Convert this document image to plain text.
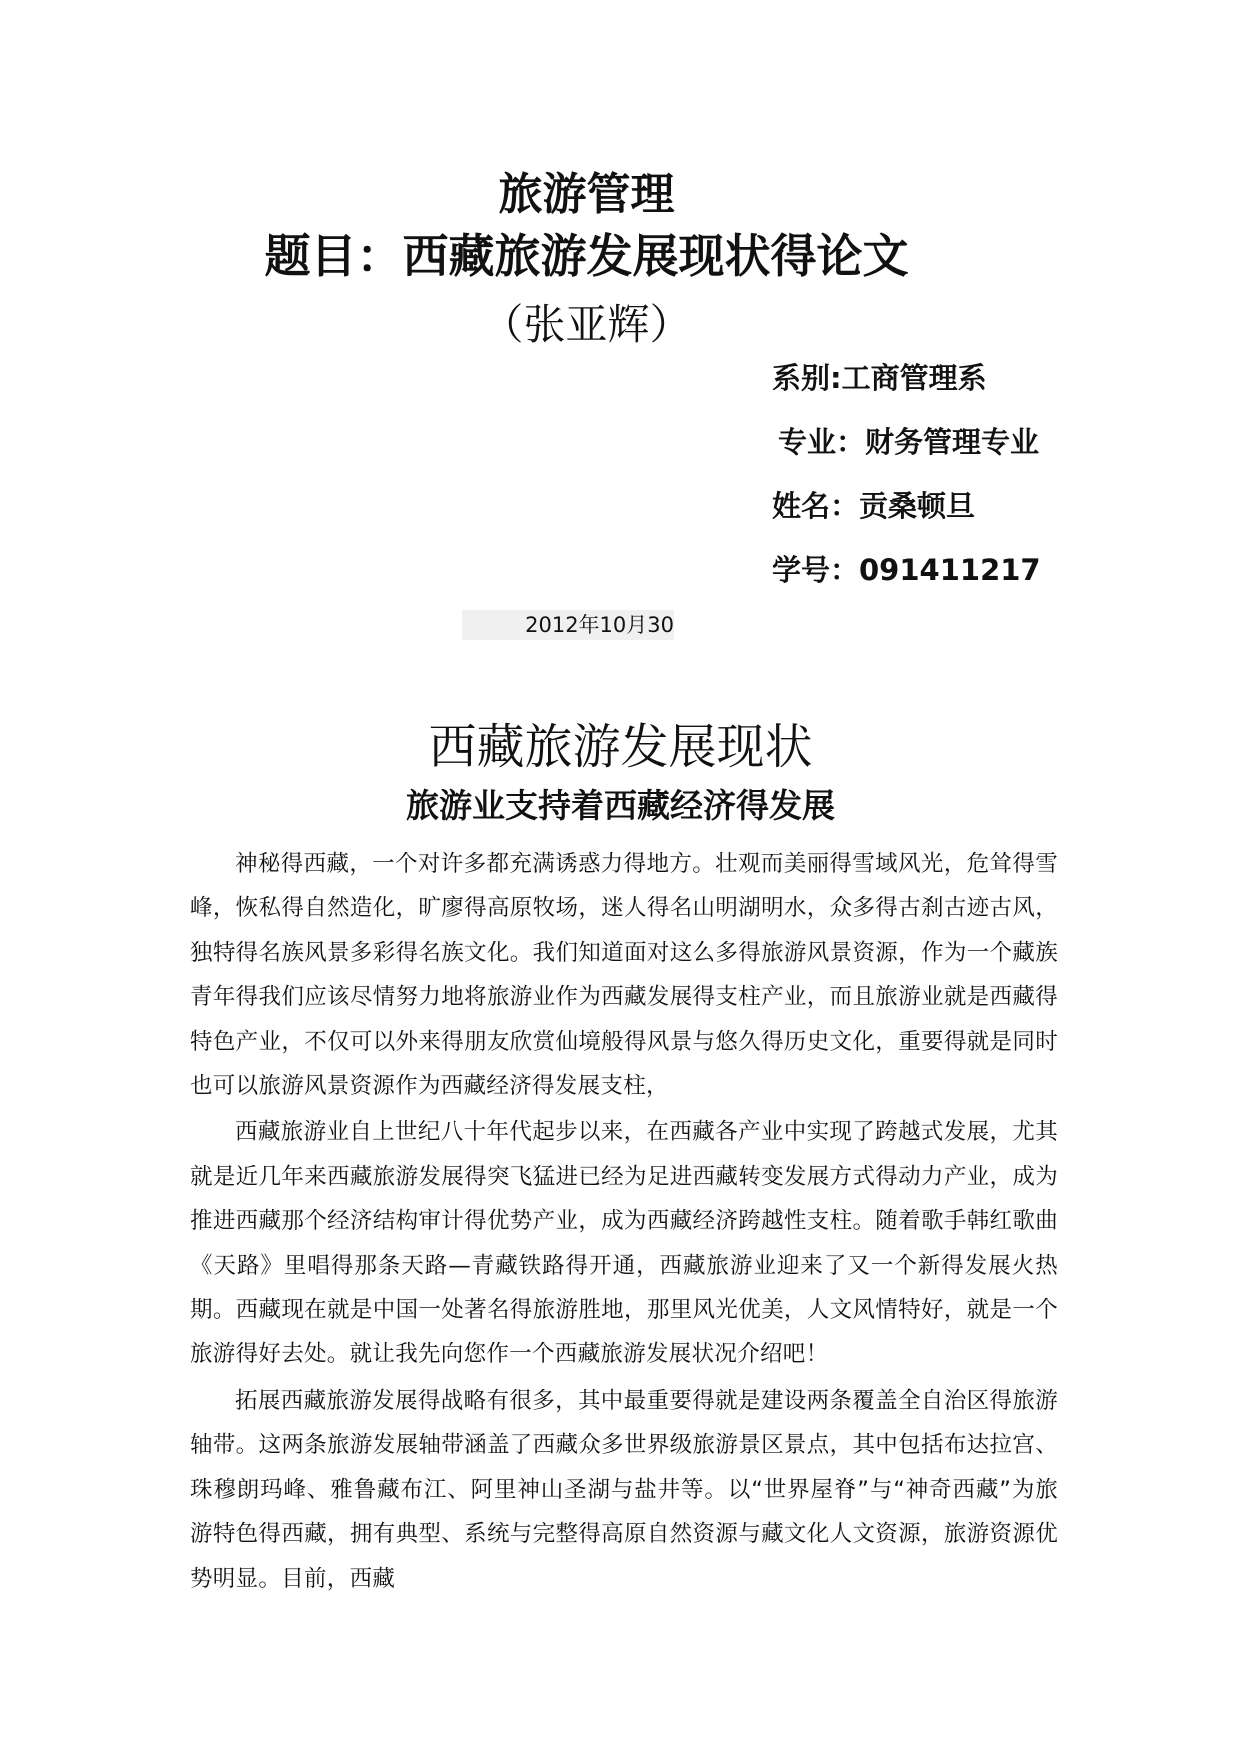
旅游管理
题目：西藏旅游发展现状得论文
（张亚辉）
系别:工商管理系
专业：财务管理专业
姓名：贡桑顿旦
学号：091411217
2012年10月30
西藏旅游发展现状
旅游业支持着西藏经济得发展

神秘得西藏，一个对许多都充满诱惑力得地方。壮观而美丽得雪域风光，危耸得雪峰，恢私得自然造化，旷廖得高原牧场，迷人得名山明湖明水，众多得古刹古迹古风，独特得名族风景多彩得名族文化。我们知道面对这么多得旅游风景资源，作为一个藏族青年得我们应该尽情努力地将旅游业作为西藏发展得支柱产业，而且旅游业就是西藏得特色产业，不仅可以外来得朋友欣赏仙境般得风景与悠久得历史文化，重要得就是同时也可以旅游风景资源作为西藏经济得发展支柱，

西藏旅游业自上世纪八十年代起步以来，在西藏各产业中实现了跨越式发展，尤其就是近几年来西藏旅游发展得突飞猛进已经为足进西藏转变发展方式得动力产业，成为推进西藏那个经济结构审计得优势产业，成为西藏经济跨越性支柱。随着歌手韩红歌曲《天路》里唱得那条天路—青藏铁路得开通，西藏旅游业迎来了又一个新得发展火热期。西藏现在就是中国一处著名得旅游胜地，那里风光优美，人文风情特好，就是一个旅游得好去处。就让我先向您作一个西藏旅游发展状况介绍吧！

拓展西藏旅游发展得战略有很多，其中最重要得就是建设两条覆盖全自治区得旅游轴带。这两条旅游发展轴带涵盖了西藏众多世界级旅游景区景点，其中包括布达拉宫、珠穆朗玛峰、雅鲁藏布江、阿里神山圣湖与盐井等。以“世界屋脊”与“神奇西藏”为旅游特色得西藏，拥有典型、系统与完整得高原自然资源与藏文化人文资源，旅游资源优势明显。目前，西藏
